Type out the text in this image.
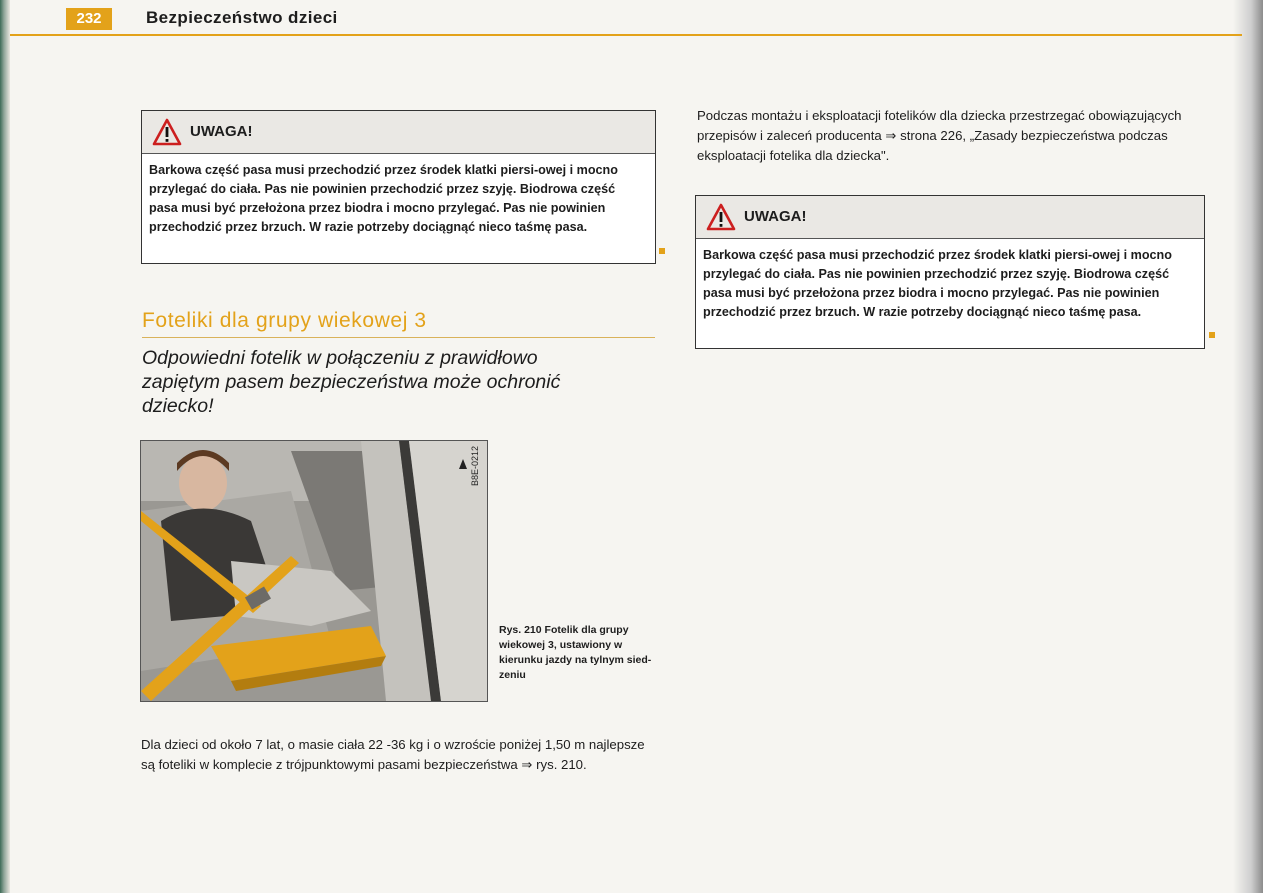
232	Bezpieczeństwo dzieci
UWAGA!
Barkowa część pasa musi przechodzić przez środek klatki piersi-owej i mocno przylegać do ciała. Pas nie powinien przechodzić przez szyję. Biodrowa część pasa musi być przełożona przez biodra i mocno przylegać. Pas nie powinien przechodzić przez brzuch. W razie potrzeby dociągnąć nieco taśmę pasa.
Foteliki dla grupy wiekowej 3
Odpowiedni fotelik w połączeniu z prawidłowo zapiętym pasem bezpieczeństwa może ochronić dziecko!
B8E-0212
Rys. 210 Fotelik dla grupy wiekowej 3, ustawiony w kierunku jazdy na tylnym sied-zeniu
Dla dzieci od około 7 lat, o masie ciała 22 -36 kg i o wzroście poniżej 1,50 m najlepsze są foteliki w komplecie z trójpunktowymi pasami bezpieczeństwa ⇒ rys. 210.
Podczas montażu i eksploatacji fotelików dla dziecka przestrzegać obowiązujących przepisów i zaleceń producenta ⇒ strona 226, „Zasady bezpieczeństwa podczas eksploatacji fotelika dla dziecka".
UWAGA!
Barkowa część pasa musi przechodzić przez środek klatki piersi-owej i mocno przylegać do ciała. Pas nie powinien przechodzić przez szyję. Biodrowa część pasa musi być przełożona przez biodra i mocno przylegać. Pas nie powinien przechodzić przez brzuch. W razie potrzeby dociągnąć nieco taśmę pasa.
